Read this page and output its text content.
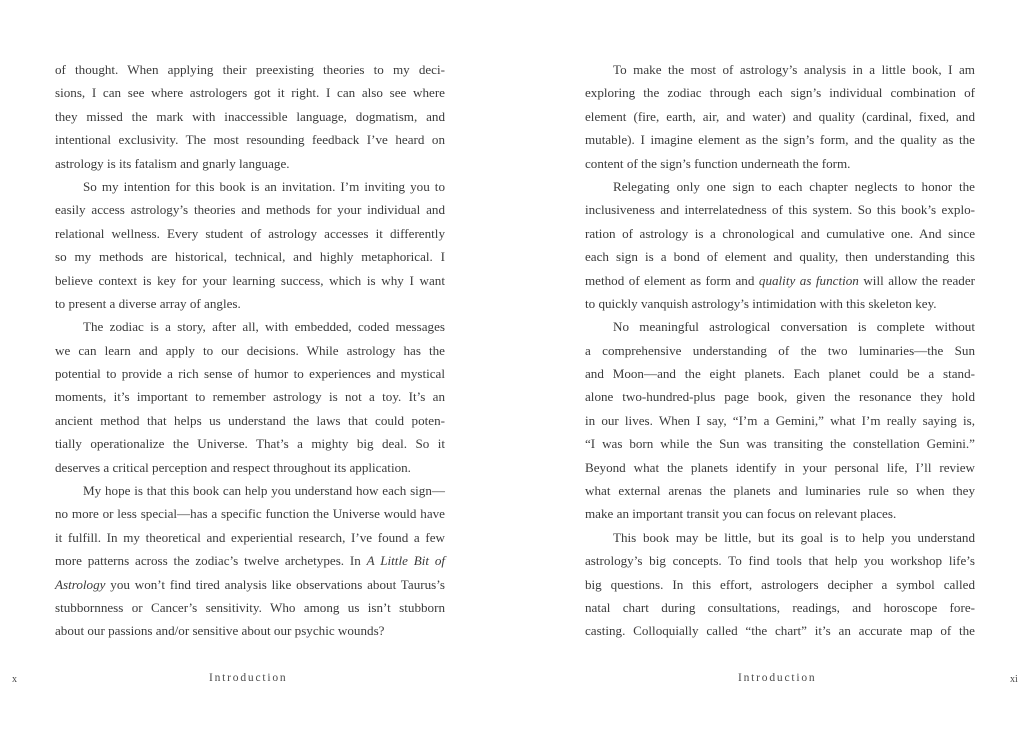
of thought. When applying their preexisting theories to my deci-
sions, I can see where astrologers got it right. I can also see where
they missed the mark with inaccessible language, dogmatism, and
intentional exclusivity. The most resounding feedback I’ve heard on
astrology is its fatalism and gnarly language.
So my intention for this book is an invitation. I’m inviting you to
easily access astrology’s theories and methods for your individual and
relational wellness. Every student of astrology accesses it differently
so my methods are historical, technical, and highly metaphorical. I
believe context is key for your learning success, which is why I want
to present a diverse array of angles.
The zodiac is a story, after all, with embedded, coded messages
we can learn and apply to our decisions. While astrology has the
potential to provide a rich sense of humor to experiences and mystical
moments, it’s important to remember astrology is not a toy. It’s an
ancient method that helps us understand the laws that could poten-
tially operationalize the Universe. That’s a mighty big deal. So it
deserves a critical perception and respect throughout its application.
My hope is that this book can help you understand how each sign—
no more or less special—has a specific function the Universe would have
it fulfill. In my theoretical and experiential research, I’ve found a few
more patterns across the zodiac’s twelve archetypes. In A Little Bit of
Astrology you won’t find tired analysis like observations about Taurus’s
stubbornness or Cancer’s sensitivity. Who among us isn’t stubborn
about our passions and/or sensitive about our psychic wounds?
x	Introduction
To make the most of astrology’s analysis in a little book, I am
exploring the zodiac through each sign’s individual combination of
element (fire, earth, air, and water) and quality (cardinal, fixed, and
mutable). I imagine element as the sign’s form, and the quality as the
content of the sign’s function underneath the form.
Relegating only one sign to each chapter neglects to honor the
inclusiveness and interrelatedness of this system. So this book’s explo-
ration of astrology is a chronological and cumulative one. And since
each sign is a bond of element and quality, then understanding this
method of element as form and quality as function will allow the reader
to quickly vanquish astrology’s intimidation with this skeleton key.
No meaningful astrological conversation is complete without
a comprehensive understanding of the two luminaries—the Sun
and Moon—and the eight planets. Each planet could be a stand-
alone two-hundred-plus page book, given the resonance they hold
in our lives. When I say, “I’m a Gemini,” what I’m really saying is,
“I was born while the Sun was transiting the constellation Gemini.”
Beyond what the planets identify in your personal life, I’ll review
what external arenas the planets and luminaries rule so when they
make an important transit you can focus on relevant places.
This book may be little, but its goal is to help you understand
astrology’s big concepts. To find tools that help you workshop life’s
big questions. In this effort, astrologers decipher a symbol called
natal chart during consultations, readings, and horoscope fore-
casting. Colloquially called “the chart” it’s an accurate map of the
Introduction	xi
